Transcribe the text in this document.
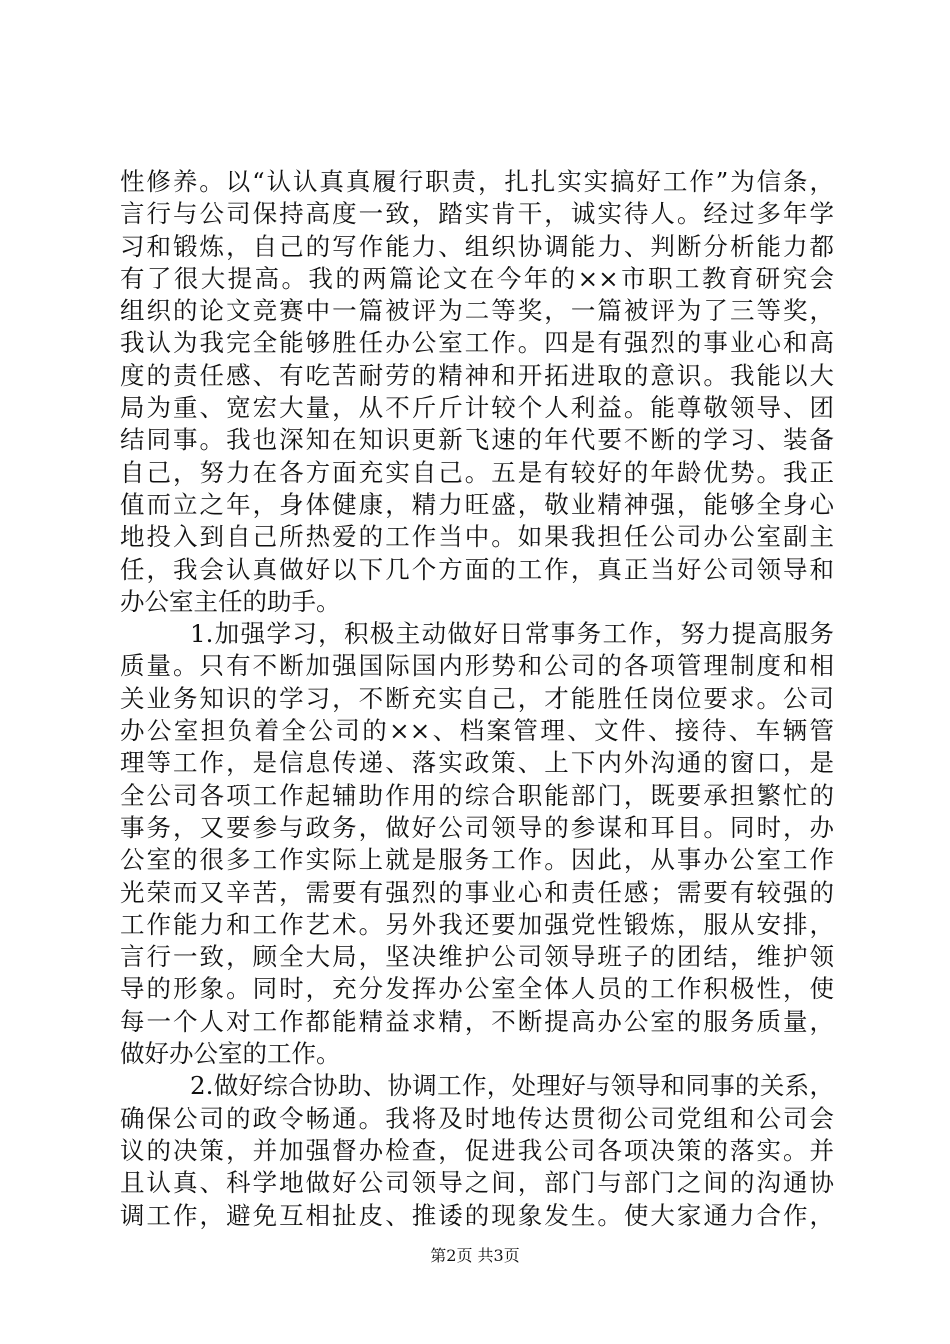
性修养。以“认认真真履行职责，扎扎实实搞好工作”为信条，
言行与公司保持高度一致，踏实肯干，诚实待人。经过多年学
习和锻炼，自己的写作能力、组织协调能力、判断分析能力都
有了很大提高。我的两篇论文在今年的××市职工教育研究会
组织的论文竞赛中一篇被评为二等奖，一篇被评为了三等奖，
我认为我完全能够胜任办公室工作。四是有强烈的事业心和高
度的责任感、有吃苦耐劳的精神和开拓进取的意识。我能以大
局为重、宽宏大量，从不斤斤计较个人利益。能尊敬领导、团
结同事。我也深知在知识更新飞速的年代要不断的学习、装备
自己，努力在各方面充实自己。五是有较好的年龄优势。我正
值而立之年，身体健康，精力旺盛，敬业精神强，能够全身心
地投入到自己所热爱的工作当中。如果我担任公司办公室副主
任，我会认真做好以下几个方面的工作，真正当好公司领导和
办公室主任的助手。
1.加强学习，积极主动做好日常事务工作，努力提高服务
质量。只有不断加强国际国内形势和公司的各项管理制度和相
关业务知识的学习，不断充实自己，才能胜任岗位要求。公司
办公室担负着全公司的××、档案管理、文件、接待、车辆管
理等工作，是信息传递、落实政策、上下内外沟通的窗口，是
全公司各项工作起辅助作用的综合职能部门，既要承担繁忙的
事务，又要参与政务，做好公司领导的参谋和耳目。同时，办
公室的很多工作实际上就是服务工作。因此，从事办公室工作
光荣而又辛苦，需要有强烈的事业心和责任感；需要有较强的
工作能力和工作艺术。另外我还要加强党性锻炼，服从安排，
言行一致，顾全大局，坚决维护公司领导班子的团结，维护领
导的形象。同时，充分发挥办公室全体人员的工作积极性，使
每一个人对工作都能精益求精，不断提高办公室的服务质量，
做好办公室的工作。
2.做好综合协助、协调工作，处理好与领导和同事的关系，
确保公司的政令畅通。我将及时地传达贯彻公司党组和公司会
议的决策，并加强督办检查，促进我公司各项决策的落实。并
且认真、科学地做好公司领导之间，部门与部门之间的沟通协
调工作，避免互相扯皮、推诿的现象发生。使大家通力合作，
第2页 共3页
